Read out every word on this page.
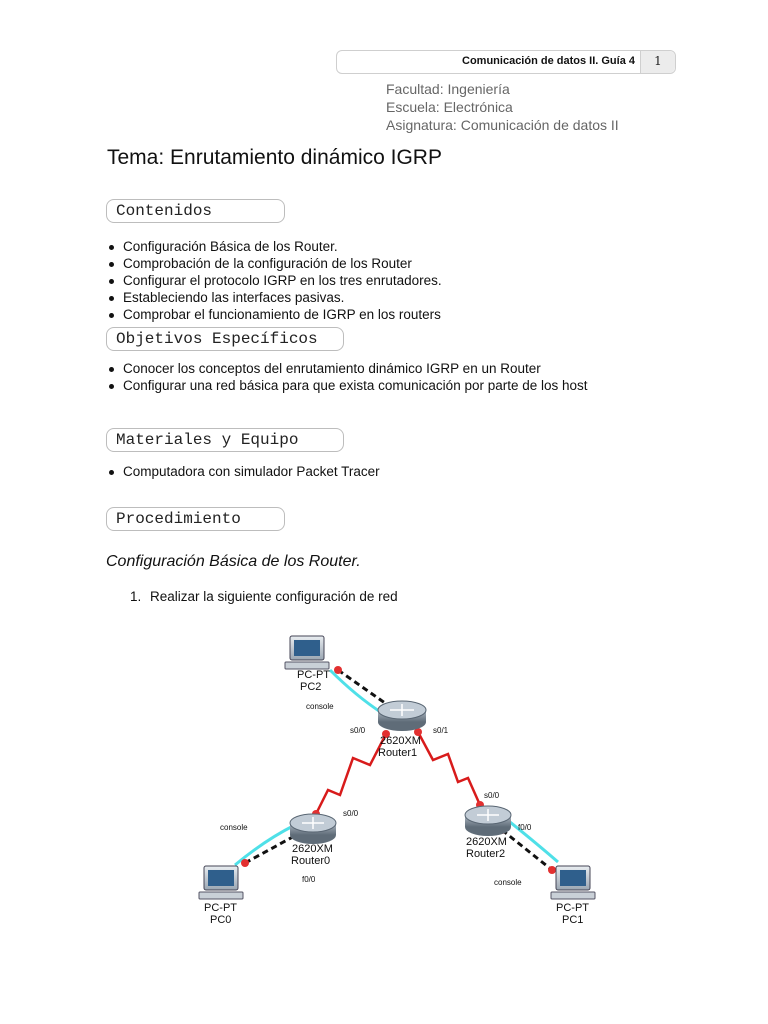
Comunicación de datos II. Guía 4	1
Facultad: Ingeniería
Escuela: Electrónica
Asignatura: Comunicación de datos II
Tema: Enrutamiento dinámico IGRP
Contenidos
Configuración Básica de los Router.
Comprobación de la configuración de los Router
Configurar el protocolo IGRP en los tres enrutadores.
Estableciendo las interfaces pasivas.
Comprobar el funcionamiento de IGRP en los routers
Objetivos Específicos
Conocer los conceptos del enrutamiento dinámico IGRP en un Router
Configurar una red básica para que exista comunicación por parte de los host
Materiales y Equipo
Computadora con simulador Packet Tracer
Procedimiento
Configuración Básica de los Router.
1. Realizar la siguiente configuración de red
PC-PT
PC2
2620XM
Router1
2620XM
Router0
2620XM
Router2
PC-PT
PC0
PC-PT
PC1
console
s0/0	s0/1
s0/0
s0/0
console
f0/0
f0/0
console
